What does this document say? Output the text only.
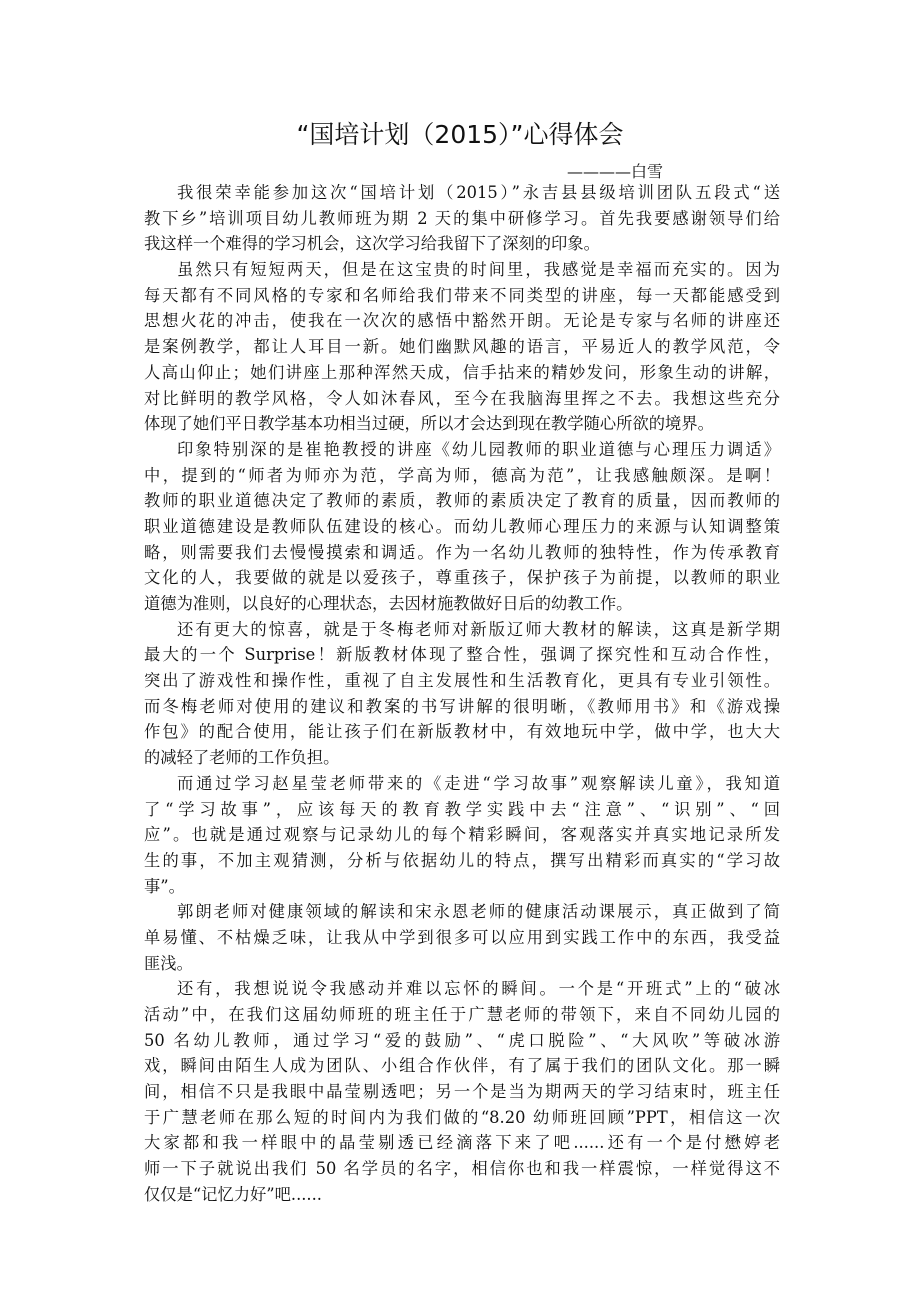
“国培计划（2015）”心得体会
————白雪
我很荣幸能参加这次“国培计划（2015）”永吉县县级培训团队五段式“送
教下乡”培训项目幼儿教师班为期 2 天的集中研修学习。首先我要感谢领导们给
我这样一个难得的学习机会，这次学习给我留下了深刻的印象。
虽然只有短短两天，但是在这宝贵的时间里，我感觉是幸福而充实的。因为
每天都有不同风格的专家和名师给我们带来不同类型的讲座，每一天都能感受到
思想火花的冲击，使我在一次次的感悟中豁然开朗。无论是专家与名师的讲座还
是案例教学，都让人耳目一新。她们幽默风趣的语言，平易近人的教学风范，令
人高山仰止；她们讲座上那种浑然天成，信手拈来的精妙发问，形象生动的讲解，
对比鲜明的教学风格，令人如沐春风，至今在我脑海里挥之不去。我想这些充分
体现了她们平日教学基本功相当过硬，所以才会达到现在教学随心所欲的境界。
印象特别深的是崔艳教授的讲座《幼儿园教师的职业道德与心理压力调适》
中，提到的“师者为师亦为范，学高为师，德高为范”，让我感触颇深。是啊！
教师的职业道德决定了教师的素质，教师的素质决定了教育的质量，因而教师的
职业道德建设是教师队伍建设的核心。而幼儿教师心理压力的来源与认知调整策
略，则需要我们去慢慢摸索和调适。作为一名幼儿教师的独特性，作为传承教育
文化的人，我要做的就是以爱孩子，尊重孩子，保护孩子为前提，以教师的职业
道德为准则，以良好的心理状态，去因材施教做好日后的幼教工作。
还有更大的惊喜，就是于冬梅老师对新版辽师大教材的解读，这真是新学期
最大的一个 Surprise！新版教材体现了整合性，强调了探究性和互动合作性，
突出了游戏性和操作性，重视了自主发展性和生活教育化，更具有专业引领性。
而冬梅老师对使用的建议和教案的书写讲解的很明晰，《教师用书》和《游戏操
作包》的配合使用，能让孩子们在新版教材中，有效地玩中学，做中学，也大大
的减轻了老师的工作负担。
而通过学习赵星莹老师带来的《走进“学习故事”观察解读儿童》，我知道
了“学习故事”，应该每天的教育教学实践中去“注意”、“识别”、“回
应”。也就是通过观察与记录幼儿的每个精彩瞬间，客观落实并真实地记录所发
生的事，不加主观猜测，分析与依据幼儿的特点，撰写出精彩而真实的“学习故
事”。
郭朗老师对健康领域的解读和宋永恩老师的健康活动课展示，真正做到了简
单易懂、不枯燥乏味，让我从中学到很多可以应用到实践工作中的东西，我受益
匪浅。
还有，我想说说令我感动并难以忘怀的瞬间。一个是“开班式”上的“破冰
活动”中，在我们这届幼师班的班主任于广慧老师的带领下，来自不同幼儿园的
50 名幼儿教师，通过学习“爱的鼓励”、“虎口脱险”、“大风吹”等破冰游
戏，瞬间由陌生人成为团队、小组合作伙伴，有了属于我们的团队文化。那一瞬
间，相信不只是我眼中晶莹剔透吧；另一个是当为期两天的学习结束时，班主任
于广慧老师在那么短的时间内为我们做的“8.20 幼师班回顾”PPT，相信这一次
大家都和我一样眼中的晶莹剔透已经滴落下来了吧......还有一个是付懋婷老
师一下子就说出我们 50 名学员的名字，相信你也和我一样震惊，一样觉得这不
仅仅是“记忆力好”吧......
